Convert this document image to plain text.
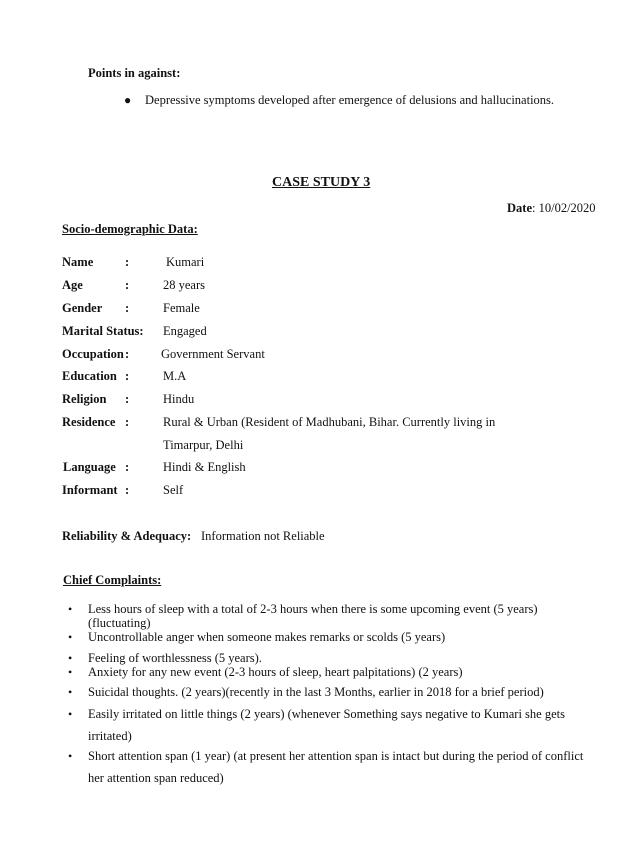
Points in against:
● Depressive symptoms developed after emergence of delusions and hallucinations.
CASE STUDY 3
Date: 10/02/2020
Socio-demographic Data:
Name	:	Kumari
Age	:	28 years
Gender :	Female
Marital Status: Engaged
Occupation :	Government Servant
Education :	M.A
Religion :	Hindu
Residence :	Rural & Urban (Resident of Madhubani, Bihar. Currently living in
Timarpur, Delhi
Language :	Hindi & English
Informant :	Self
Reliability & Adequacy: Information not Reliable
Chief Complaints:
• Less hours of sleep with a total of 2-3 hours when there is some upcoming event (5 years)
(fluctuating)
• Uncontrollable anger when someone makes remarks or scolds (5 years)
• Feeling of worthlessness (5 years).
• Anxiety for any new event (2-3 hours of sleep, heart palpitations) (2 years)
• Suicidal thoughts. (2 years)(recently in the last 3 Months, earlier in 2018 for a brief period)
• Easily irritated on little things (2 years) (whenever Something says negative to Kumari she gets
irritated)
• Short attention span (1 year) (at present her attention span is intact but during the period of conflict
her attention span reduced)
